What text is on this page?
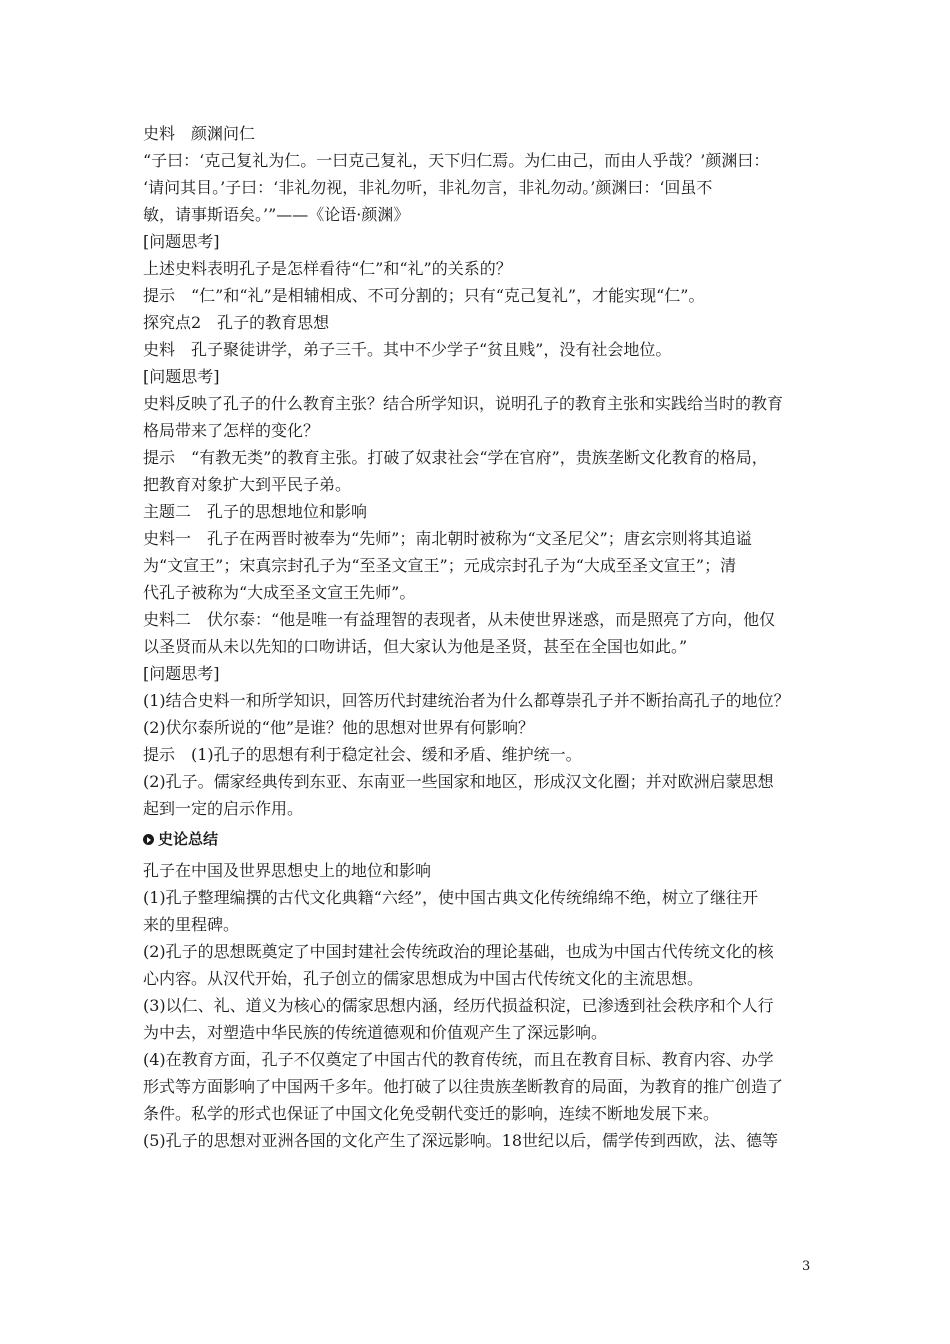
史料　颜渊问仁
“子曰：‘克己复礼为仁。一曰克己复礼，天下归仁焉。为仁由己，而由人乎哉？’颜渊曰：
‘请问其目。’子曰：‘非礼勿视，非礼勿听，非礼勿言，非礼勿动。’颜渊曰：‘回虽不
敏，请事斯语矣。’”——《论语·颜渊》
[问题思考]
上述史料表明孔子是怎样看待“仁”和“礼”的关系的？
提示　“仁”和“礼”是相辅相成、不可分割的；只有“克己复礼”，才能实现“仁”。
探究点2　孔子的教育思想
史料　孔子聚徒讲学，弟子三千。其中不少学子“贫且贱”，没有社会地位。
[问题思考]
史料反映了孔子的什么教育主张？结合所学知识，说明孔子的教育主张和实践给当时的教育
格局带来了怎样的变化？
提示　“有教无类”的教育主张。打破了奴隶社会“学在官府”，贵族垄断文化教育的格局，
把教育对象扩大到平民子弟。
主题二　孔子的思想地位和影响
史料一　孔子在两晋时被奉为“先师”；南北朝时被称为“文圣尼父”；唐玄宗则将其追谥
为“文宣王”；宋真宗封孔子为“至圣文宣王”；元成宗封孔子为“大成至圣文宣王”；清
代孔子被称为“大成至圣文宣王先师”。
史料二　伏尔泰：“他是唯一有益理智的表现者，从未使世界迷惑，而是照亮了方向，他仅
以圣贤而从未以先知的口吻讲话，但大家认为他是圣贤，甚至在全国也如此。”
[问题思考]
(1)结合史料一和所学知识，回答历代封建统治者为什么都尊崇孔子并不断抬高孔子的地位？
(2)伏尔泰所说的“他”是谁？他的思想对世界有何影响？
提示　(1)孔子的思想有利于稳定社会、缓和矛盾、维护统一。
(2)孔子。儒家经典传到东亚、东南亚一些国家和地区，形成汉文化圈；并对欧洲启蒙思想
起到一定的启示作用。
史论总结
孔子在中国及世界思想史上的地位和影响
(1)孔子整理编撰的古代文化典籍“六经”，使中国古典文化传统绵绵不绝，树立了继往开
来的里程碑。
(2)孔子的思想既奠定了中国封建社会传统政治的理论基础，也成为中国古代传统文化的核
心内容。从汉代开始，孔子创立的儒家思想成为中国古代传统文化的主流思想。
(3)以仁、礼、道义为核心的儒家思想内涵，经历代损益积淀，已渗透到社会秩序和个人行
为中去，对塑造中华民族的传统道德观和价值观产生了深远影响。
(4)在教育方面，孔子不仅奠定了中国古代的教育传统，而且在教育目标、教育内容、办学
形式等方面影响了中国两千多年。他打破了以往贵族垄断教育的局面，为教育的推广创造了
条件。私学的形式也保证了中国文化免受朝代变迁的影响，连续不断地发展下来。
(5)孔子的思想对亚洲各国的文化产生了深远影响。18世纪以后，儒学传到西欧，法、德等
3
